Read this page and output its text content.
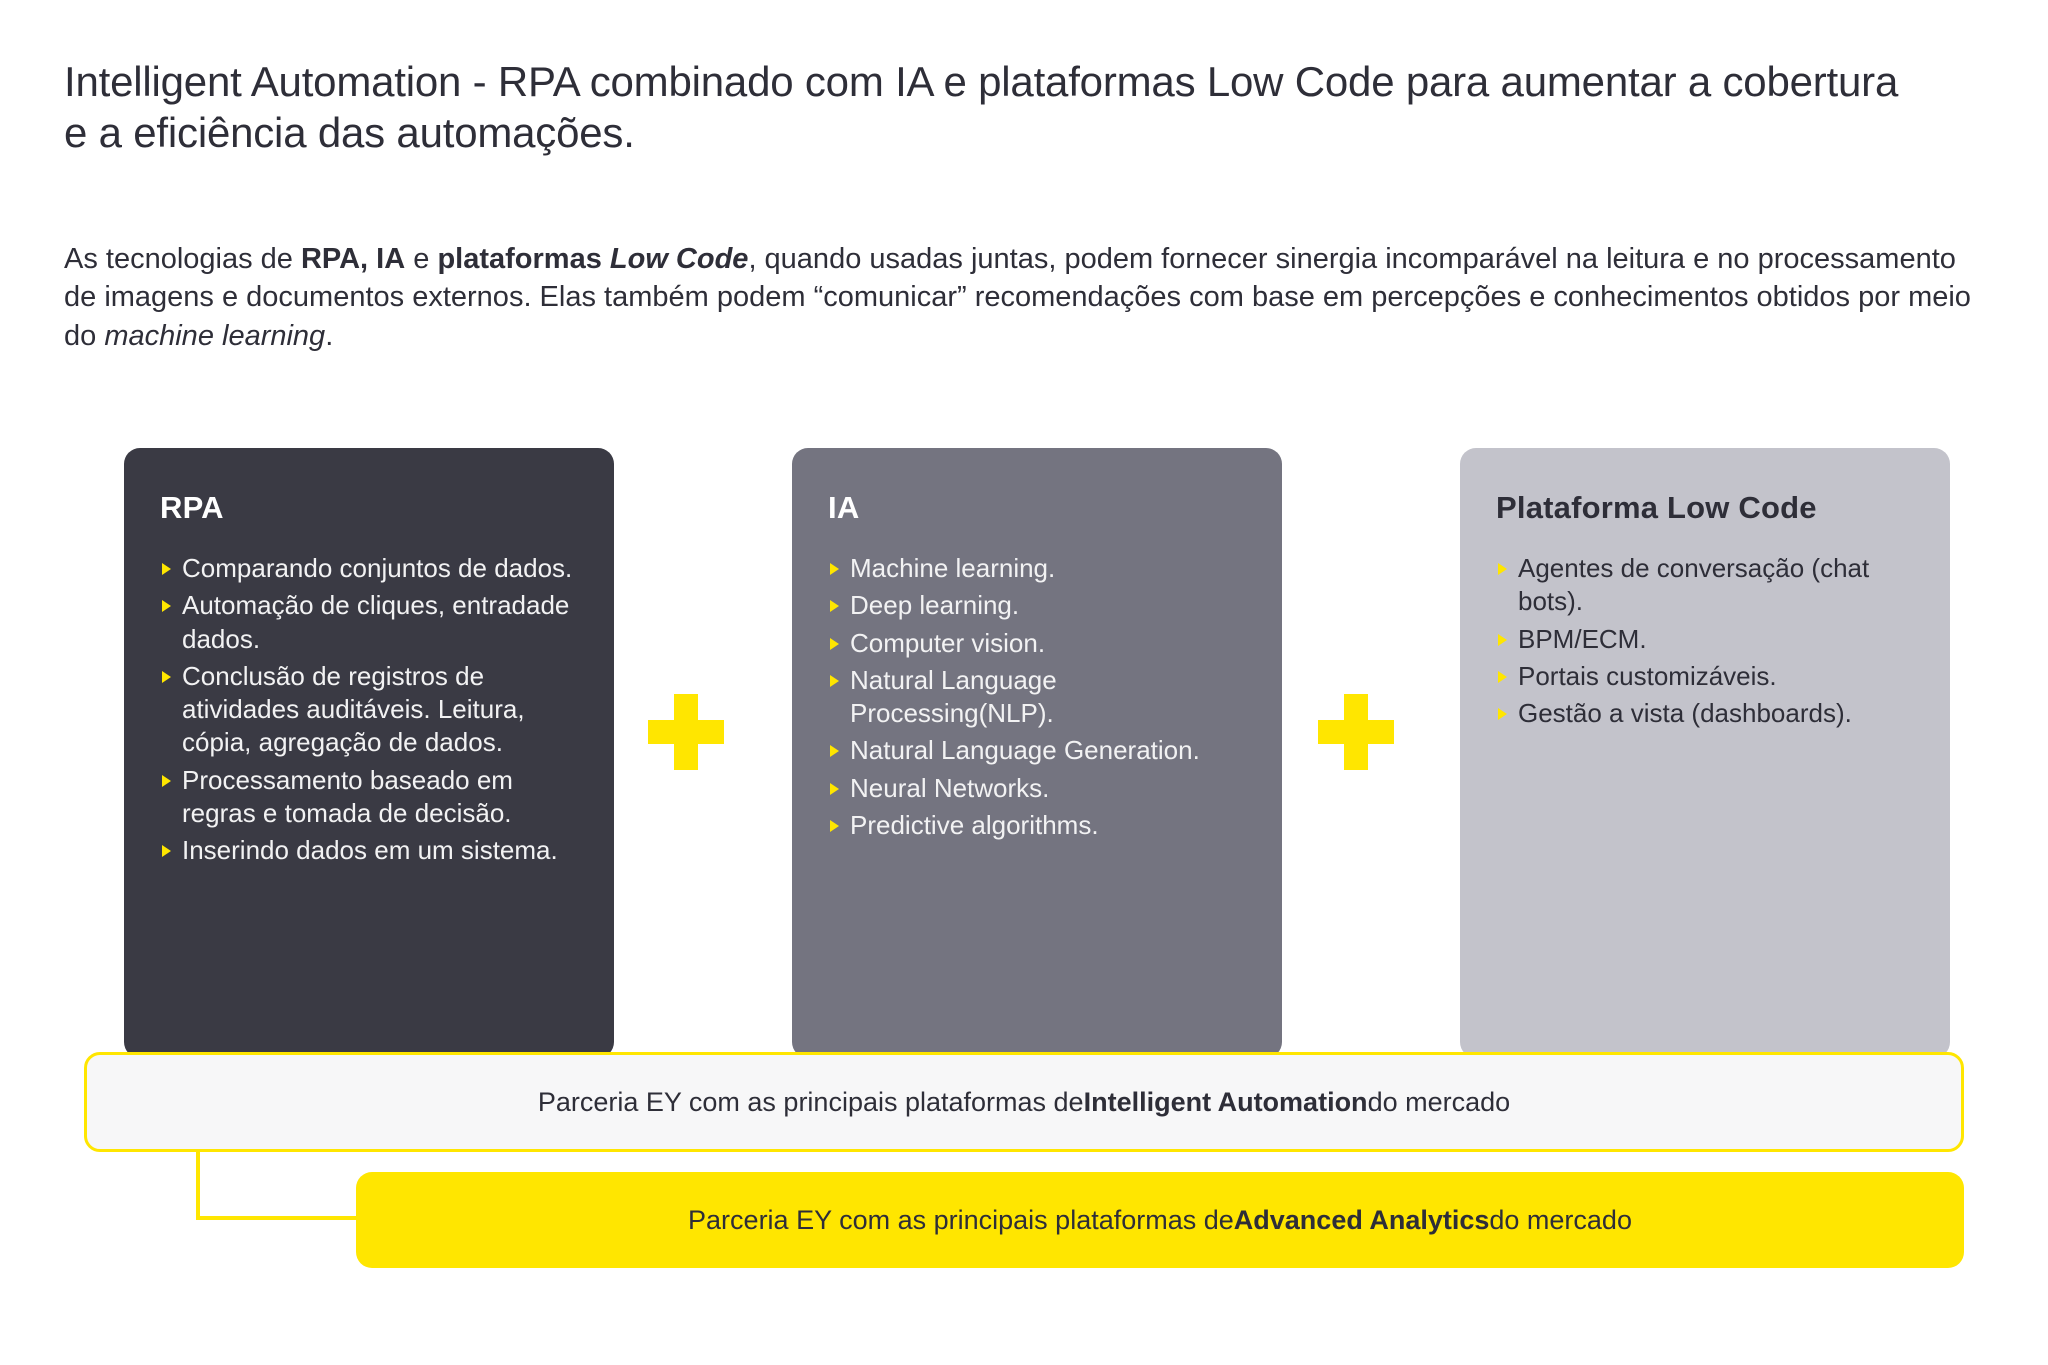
Intelligent Automation - RPA combinado com IA e plataformas Low Code para aumentar a cobertura e a eficiência das automações.
As tecnologias de RPA, IA e plataformas Low Code, quando usadas juntas, podem fornecer sinergia incomparável na leitura e no processamento de imagens e documentos externos. Elas também podem “comunicar” recomendações com base em percepções e conhecimentos obtidos por meio do machine learning.
RPA
Comparando conjuntos de dados.
Automação de cliques, entradade dados.
Conclusão de registros de atividades auditáveis. Leitura, cópia, agregação de dados.
Processamento baseado em regras e tomada de decisão.
Inserindo dados em um sistema.
IA
Machine learning.
Deep learning.
Computer vision.
Natural Language Processing(NLP).
Natural Language Generation.
Neural Networks.
Predictive algorithms.
Plataforma Low Code
Agentes de conversação (chat bots).
BPM/ECM.
Portais customizáveis.
Gestão a vista (dashboards).
Parceria EY com as principais plataformas de Intelligent Automation do mercado
Parceria EY com as principais plataformas de Advanced Analytics do mercado
